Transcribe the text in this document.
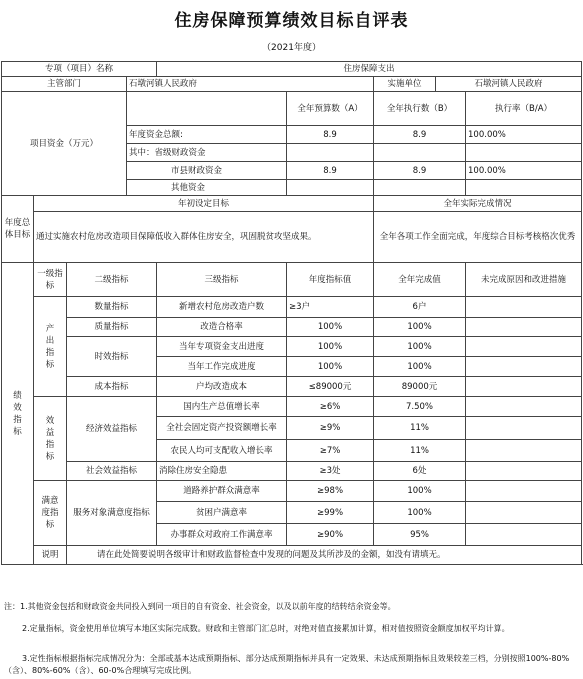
住房保障预算绩效目标自评表
（2021年度）
专项（项目）名称				住房保障支出				
主管部门			石墩河镇人民政府			实施单位	石墩河镇人民政府	
项目资金（万元）					全年预算数（A）	全年执行数（B）		执行率（B/A）
			年度资金总额:		8.9	8.9		100.00%
			其中：省级财政资金					
			市县财政资金		8.9	8.9		100.00%
			其他资金					
年度总体目标	年初设定目标					全年实际完成情况		
	通过实施农村危房改造项目保障低收入群体住房安全，巩固脱贫攻坚成果。					全年各项工作全面完成，年度综合目标考核格次优秀		
绩效指标	一级指标	二级指标		三级指标	年度指标值	全年完成值		未完成原因和改进措施
	产出指标	数量指标		新增农村危房改造户数	≥3户	6户		
		质量指标		改造合格率	100%	100%		
		时效指标		当年专项资金支出进度	100%	100%		
				当年工作完成进度	100%	100%		
		成本指标		户均改造成本	≤89000元	89000元		
	效益指标	经济效益指标		国内生产总值增长率	≥6%	7.50%		
				全社会固定资产投资额增长率	≥9%	11%		
				农民人均可支配收入增长率	≥7%	11%		
		社会效益指标		消除住房安全隐患	≥3处	6处		
	满意度指标	服务对象满意度指标		道路养护群众满意率	≥98%	100%		
				贫困户满意率	≥99%	100%		
				办事群众对政府工作满意率	≥90%	95%		
	说明	请在此处简要说明各级审计和财政监督检查中发现的问题及其所涉及的金额，如没有请填无。						
注：1.其他资金包括和财政资金共同投入到同一项目的自有资金、社会资金，以及以前年度的结转结余资金等。
2.定量指标，资金使用单位填写本地区实际完成数。财政和主管部门汇总时，对绝对值直接累加计算，相对值按照资金额度加权平均计算。
3.定性指标根据指标完成情况分为：全部或基本达成预期指标、部分达成预期指标并具有一定效果、未达成预期指标且效果较差三档，分别按照100%-80%（含）、80%-60%（含）、60-0%合理填写完成比例。
